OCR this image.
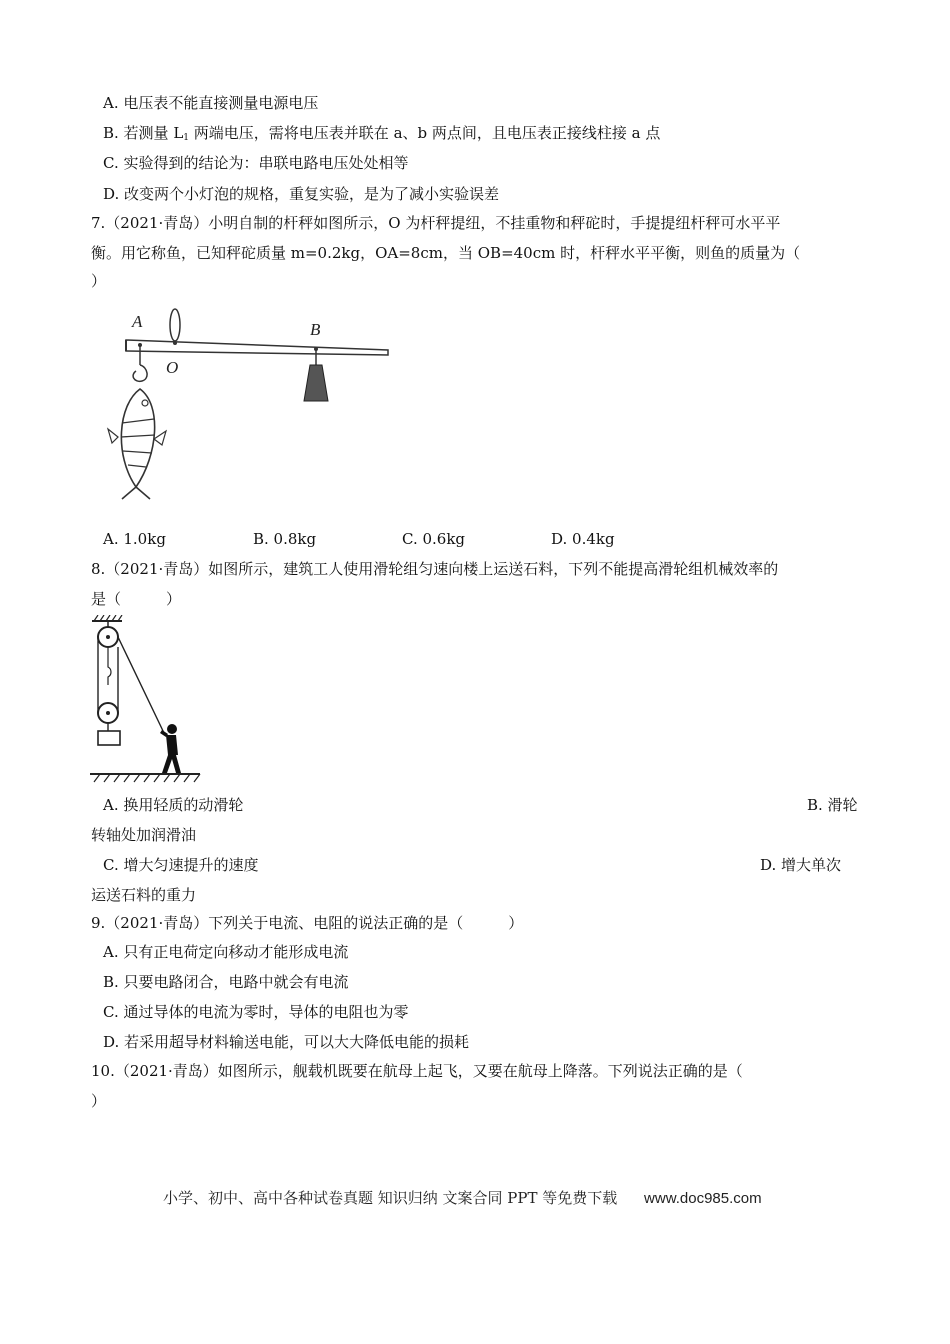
A. 电压表不能直接测量电源电压
B. 若测量 $L_1$ 两端电压，需将电压表并联在 a、b 两点间，且电压表正接线柱接 a 点
C. 实验得到的结论为：串联电路电压处处相等
D. 改变两个小灯泡的规格，重复实验，是为了减小实验误差
7.（2021·青岛）小明自制的杆秤如图所示，O 为杆秤提纽，不挂重物和秤砣时，手提提纽杆秤可水平平
衡。用它称鱼，已知秤砣质量 m=0.2kg，OA=8cm，当 OB=40cm 时，杆秤水平平衡，则鱼的质量为（
）
A
O
B
A. 1.0kg	B. 0.8kg	C. 0.6kg	D. 0.4kg
8.（2021·青岛）如图所示，建筑工人使用滑轮组匀速向楼上运送石料，下列不能提高滑轮组机械效率的
是（　　　）
A. 换用轻质的动滑轮	B. 滑轮
转轴处加润滑油
C. 增大匀速提升的速度	D. 增大单次
运送石料的重力
9.（2021·青岛）下列关于电流、电阻的说法正确的是（　　　）
A. 只有正电荷定向移动才能形成电流
B. 只要电路闭合，电路中就会有电流
C. 通过导体的电流为零时，导体的电阻也为零
D. 若采用超导材料输送电能，可以大大降低电能的损耗
10.（2021·青岛）如图所示，舰载机既要在航母上起飞，又要在航母上降落。下列说法正确的是（
）
小学、初中、高中各种试卷真题 知识归纳 文案合同 PPT 等免费下载 www.doc985.com
